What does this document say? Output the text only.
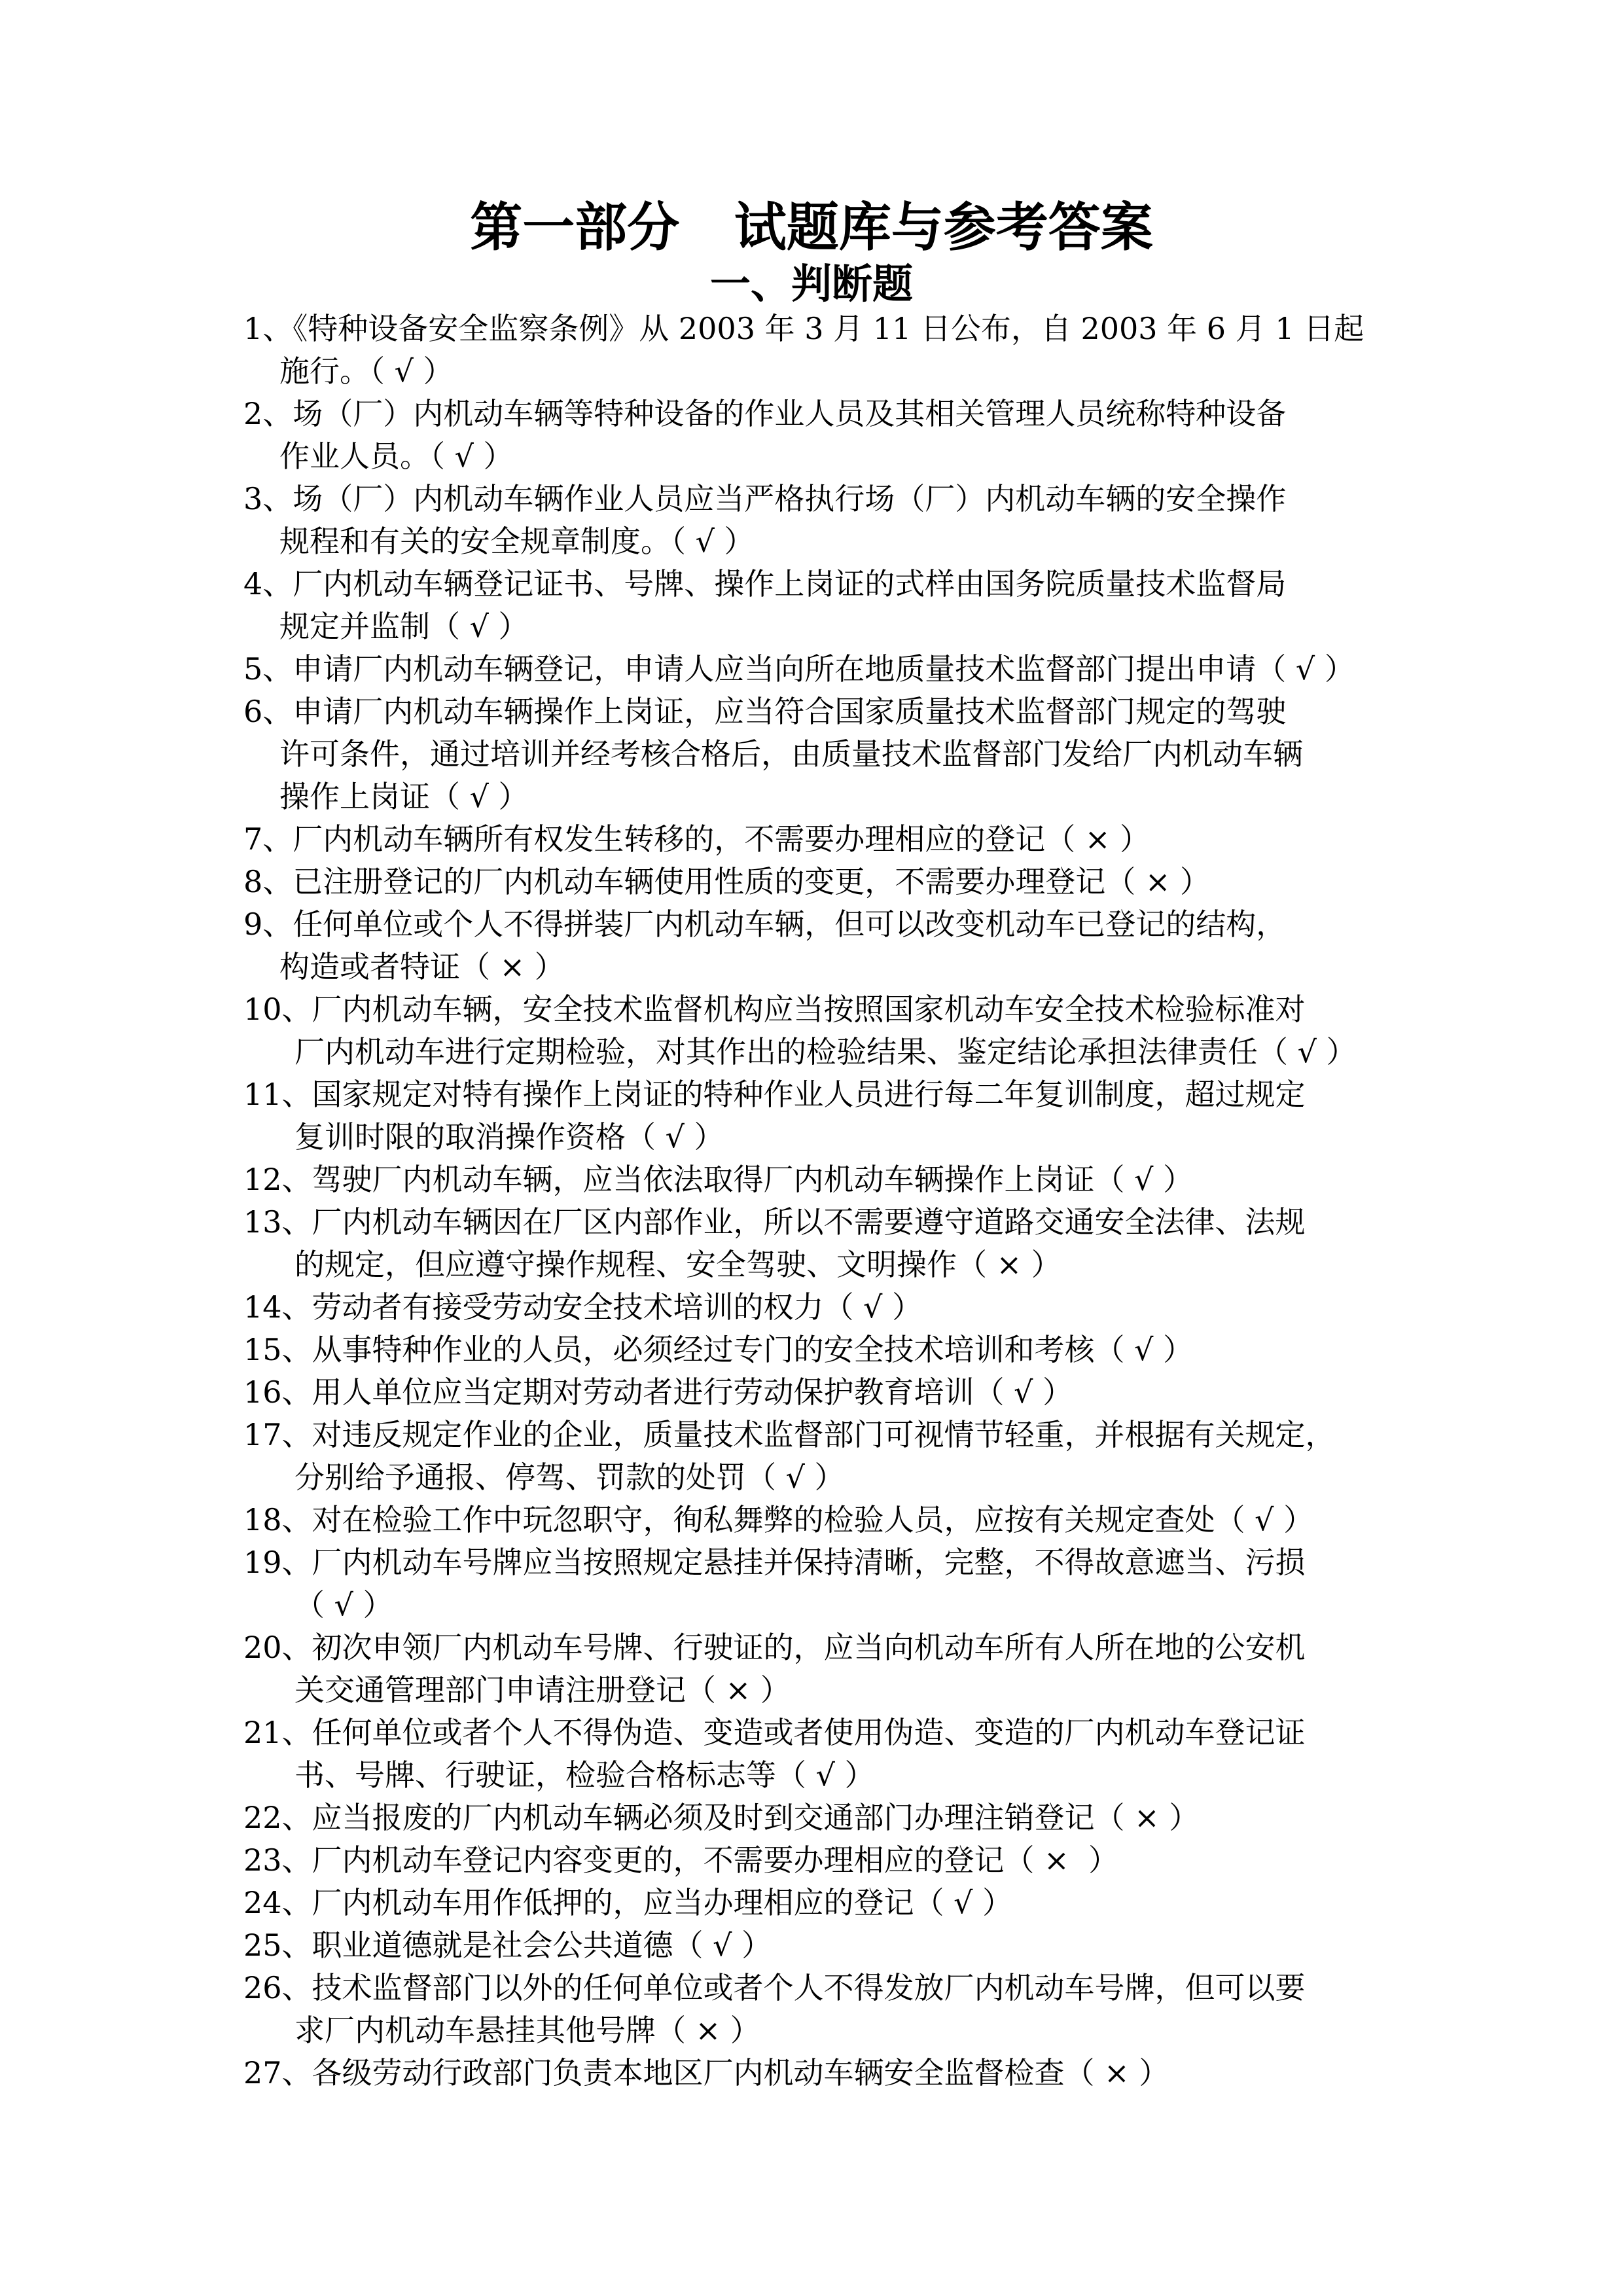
第一部分   试题库与参考答案
一、判断题
1、《特种设备安全监察条例》从 2003 年 3 月 11 日公布，自 2003 年 6 月 1 日起
施行。（ √ ）
2、场（厂）内机动车辆等特种设备的作业人员及其相关管理人员统称特种设备
作业人员。（ √ ）
3、场（厂）内机动车辆作业人员应当严格执行场（厂）内机动车辆的安全操作
规程和有关的安全规章制度。（ √ ）
4、厂内机动车辆登记证书、号牌、操作上岗证的式样由国务院质量技术监督局
规定并监制（ √ ）
5、申请厂内机动车辆登记，申请人应当向所在地质量技术监督部门提出申请（ √ ）
6、申请厂内机动车辆操作上岗证，应当符合国家质量技术监督部门规定的驾驶
许可条件，通过培训并经考核合格后，由质量技术监督部门发给厂内机动车辆
操作上岗证（ √ ）
7、厂内机动车辆所有权发生转移的，不需要办理相应的登记（ × ）
8、已注册登记的厂内机动车辆使用性质的变更，不需要办理登记（ × ）
9、任何单位或个人不得拼装厂内机动车辆，但可以改变机动车已登记的结构，
构造或者特证（ × ）
10、厂内机动车辆，安全技术监督机构应当按照国家机动车安全技术检验标准对
厂内机动车进行定期检验，对其作出的检验结果、鉴定结论承担法律责任（ √ ）
11、国家规定对特有操作上岗证的特种作业人员进行每二年复训制度，超过规定
复训时限的取消操作资格（ √ ）
12、驾驶厂内机动车辆，应当依法取得厂内机动车辆操作上岗证（ √ ）
13、厂内机动车辆因在厂区内部作业，所以不需要遵守道路交通安全法律、法规
的规定，但应遵守操作规程、安全驾驶、文明操作（ × ）
14、劳动者有接受劳动安全技术培训的权力（ √ ）
15、从事特种作业的人员，必须经过专门的安全技术培训和考核（ √ ）
16、用人单位应当定期对劳动者进行劳动保护教育培训（ √ ）
17、对违反规定作业的企业，质量技术监督部门可视情节轻重，并根据有关规定，
分别给予通报、停驾、罚款的处罚（ √ ）
18、对在检验工作中玩忽职守，徇私舞弊的检验人员，应按有关规定查处（ √ ）
19、厂内机动车号牌应当按照规定悬挂并保持清晰，完整，不得故意遮当、污损
（ √ ）
20、初次申领厂内机动车号牌、行驶证的，应当向机动车所有人所在地的公安机
关交通管理部门申请注册登记（ × ）
21、任何单位或者个人不得伪造、变造或者使用伪造、变造的厂内机动车登记证
书、号牌、行驶证，检验合格标志等（ √ ）
22、应当报废的厂内机动车辆必须及时到交通部门办理注销登记（ × ）
23、厂内机动车登记内容变更的，不需要办理相应的登记（ ×  ）
24、厂内机动车用作低押的，应当办理相应的登记（ √ ）
25、职业道德就是社会公共道德（ √ ）
26、技术监督部门以外的任何单位或者个人不得发放厂内机动车号牌，但可以要
求厂内机动车悬挂其他号牌（ × ）
27、各级劳动行政部门负责本地区厂内机动车辆安全监督检查（ × ）
